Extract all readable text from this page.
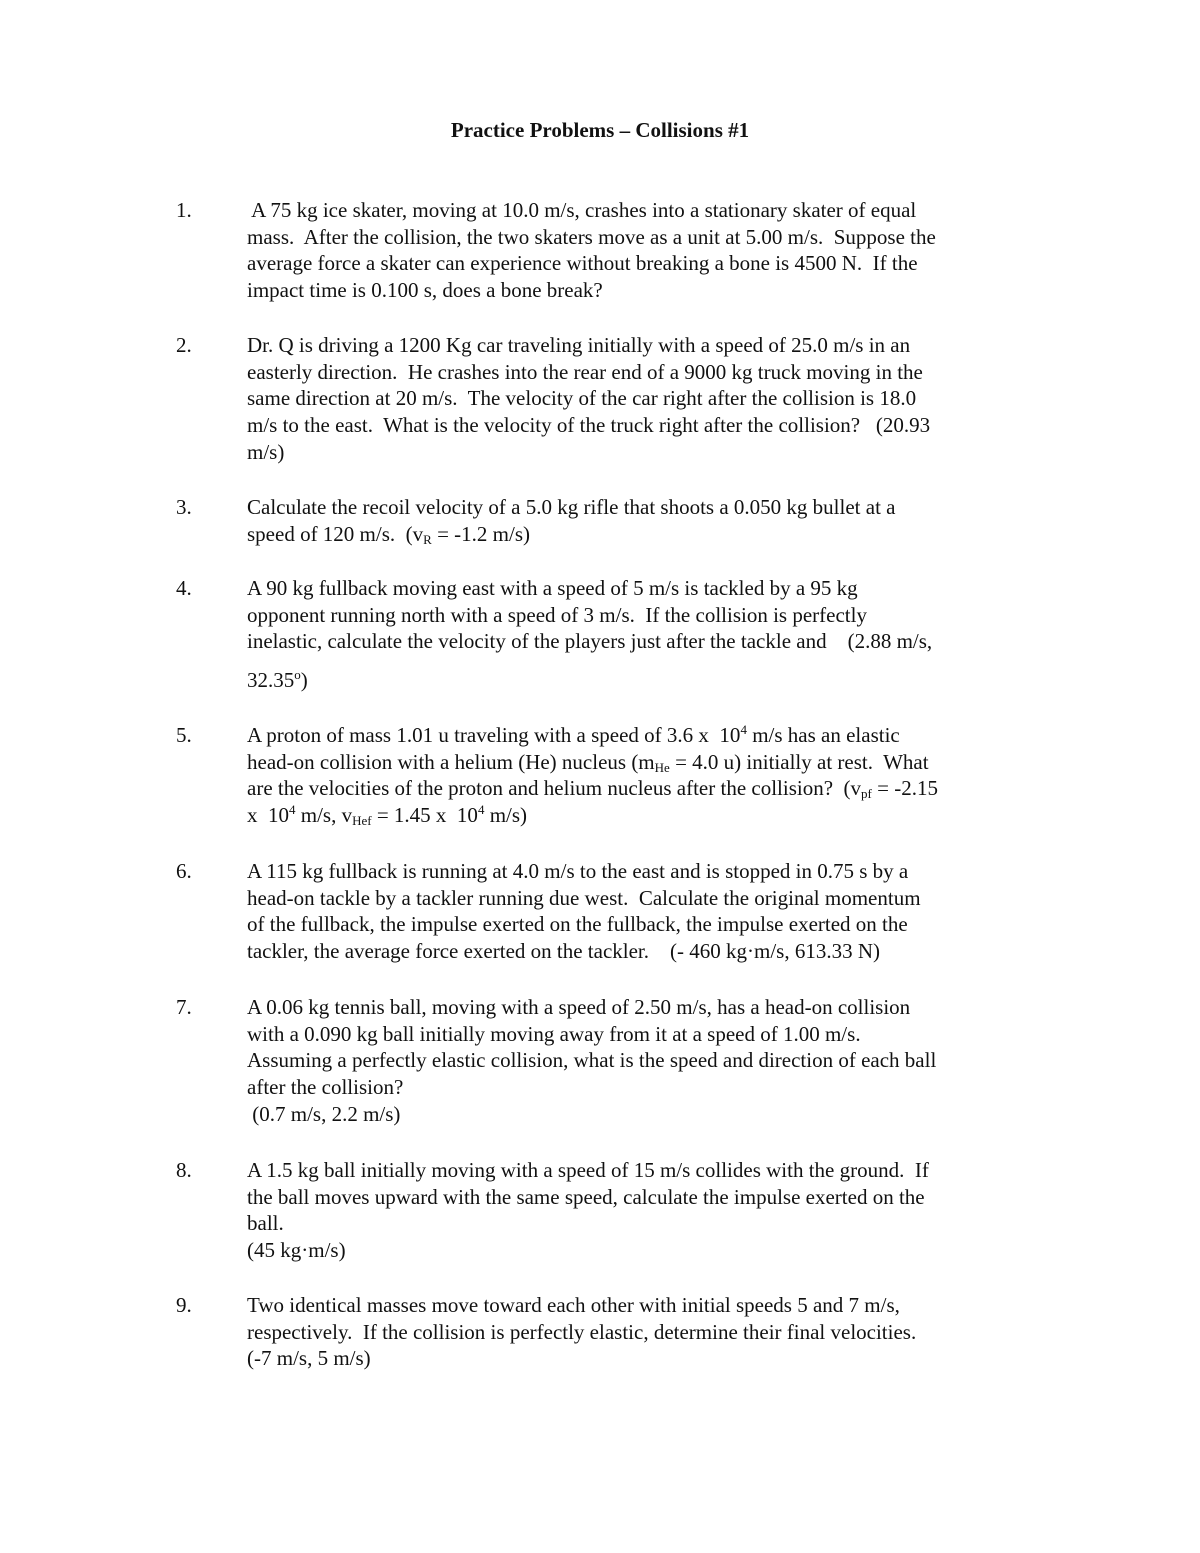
Practice Problems – Collisions #1
1.	A 75 kg ice skater, moving at 10.0 m/s, crashes into a stationary skater of equal
mass.  After the collision, the two skaters move as a unit at 5.00 m/s.  Suppose the
average force a skater can experience without breaking a bone is 4500 N.  If the
impact time is 0.100 s, does a bone break?
2.	Dr. Q is driving a 1200 Kg car traveling initially with a speed of 25.0 m/s in an
easterly direction.  He crashes into the rear end of a 9000 kg truck moving in the
same direction at 20 m/s.  The velocity of the car right after the collision is 18.0
m/s to the east.  What is the velocity of the truck right after the collision?   (20.93
m/s)
3.	Calculate the recoil velocity of a 5.0 kg rifle that shoots a 0.050 kg bullet at a
speed of 120 m/s.  ($v_R = -1.2$ m/s)
4.	A 90 kg fullback moving east with a speed of 5 m/s is tackled by a 95 kg
opponent running north with a speed of 3 m/s.  If the collision is perfectly
inelastic, calculate the velocity of the players just after the tackle and    (2.88 m/s,
32.35$^o$)
5.	A proton of mass 1.01 u traveling with a speed of 3.6 x  $10^4$ m/s has an elastic
head-on collision with a helium (He) nucleus ($m_{He} = 4.0$ u) initially at rest.  What
are the velocities of the proton and helium nucleus after the collision?  ($v_{pf} = -2.15$
x  $10^4$ m/s, $v_{Hef} = 1.45$ x  $10^4$ m/s)
6.	A 115 kg fullback is running at 4.0 m/s to the east and is stopped in 0.75 s by a
head-on tackle by a tackler running due west.  Calculate the original momentum
of the fullback, the impulse exerted on the fullback, the impulse exerted on the
tackler, the average force exerted on the tackler.    (- 460 kg·m/s, 613.33 N)
7.	A 0.06 kg tennis ball, moving with a speed of 2.50 m/s, has a head-on collision
with a 0.090 kg ball initially moving away from it at a speed of 1.00 m/s.
Assuming a perfectly elastic collision, what is the speed and direction of each ball
after the collision?
(0.7 m/s, 2.2 m/s)
8.	A 1.5 kg ball initially moving with a speed of 15 m/s collides with the ground.  If
the ball moves upward with the same speed, calculate the impulse exerted on the
ball.
(45 kg·m/s)
9.	Two identical masses move toward each other with initial speeds 5 and 7 m/s,
respectively.  If the collision is perfectly elastic, determine their final velocities.
(-7 m/s, 5 m/s)
